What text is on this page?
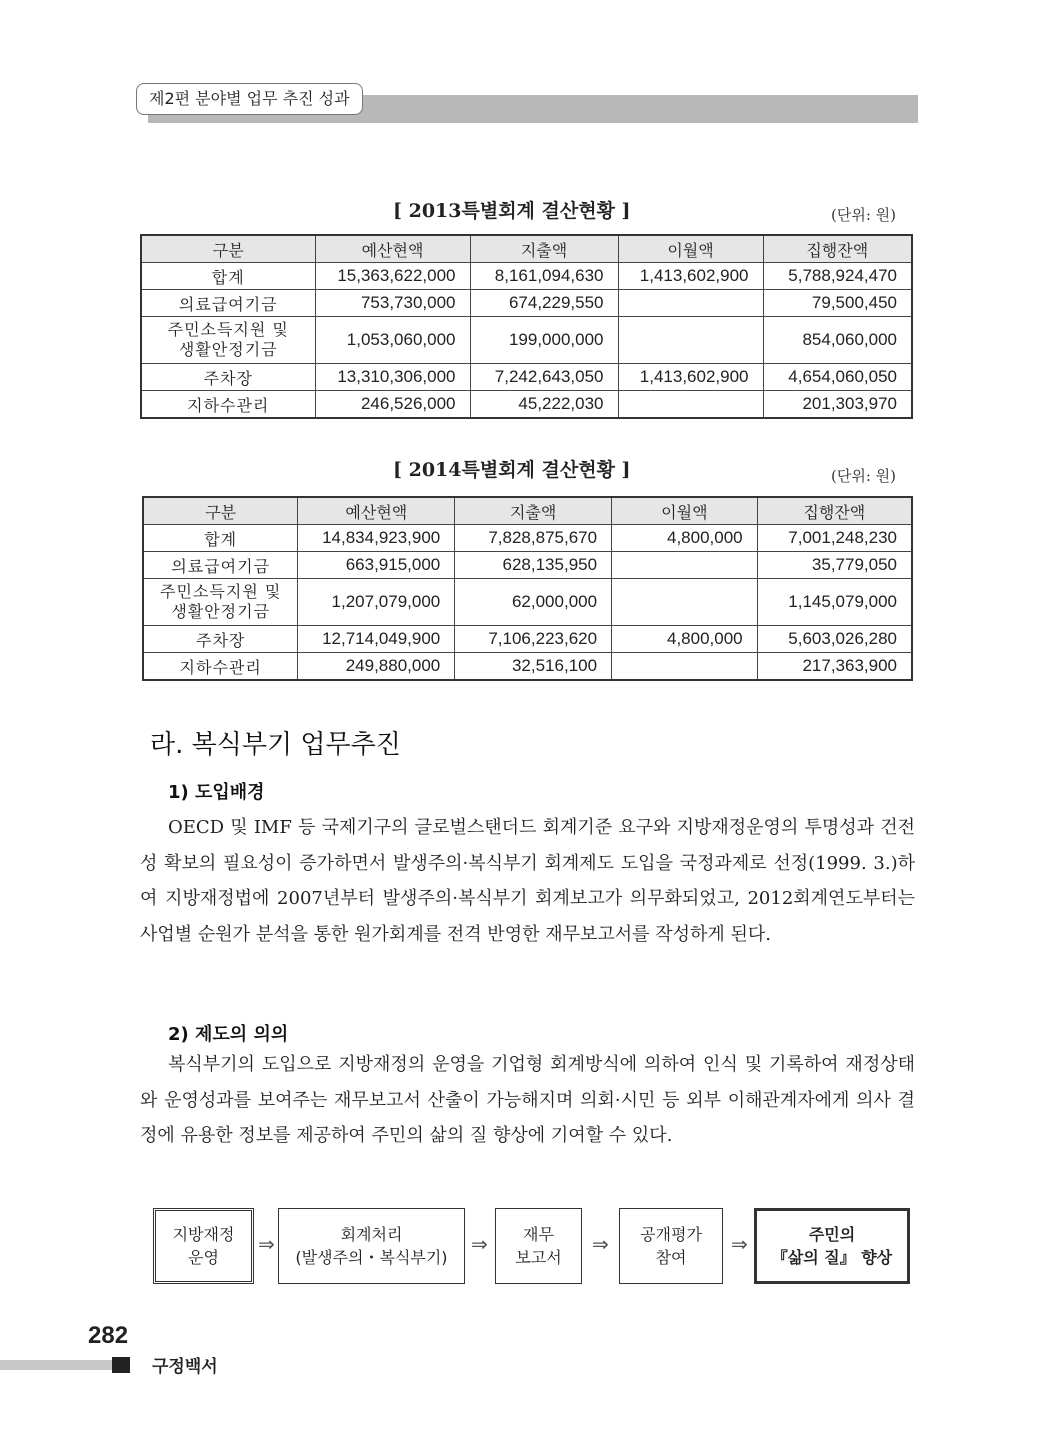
제2편 분야별 업무 추진 성과
[ 2013특별회계 결산현황 ]	(단위: 원)
구분	예산현액	지출액	이월액	집행잔액
합계	15,363,622,000	8,161,094,630	1,413,602,900	5,788,924,470
의료급여기금	753,730,000	674,229,550		79,500,450

주민소득지원 및
생활안정기금	1,053,060,000	199,000,000		854,060,000
주차장	13,310,306,000	7,242,643,050	1,413,602,900	4,654,060,050
지하수관리	246,526,000	45,222,030		201,303,970
[ 2014특별회계 결산현황 ]	(단위: 원)
구분	예산현액	지출액	이월액	집행잔액
합계	14,834,923,900	7,828,875,670	4,800,000	7,001,248,230
의료급여기금	663,915,000	628,135,950		35,779,050

주민소득지원 및
생활안정기금	1,207,079,000	62,000,000		1,145,079,000
주차장	12,714,049,900	7,106,223,620	4,800,000	5,603,026,280
지하수관리	249,880,000	32,516,100		217,363,900
라. 복식부기 업무추진
1) 도입배경
OECD 및 IMF 등 국제기구의 글로벌스탠더드 회계기준 요구와 지방재정운영의 투명성과 건전성 확보의 필요성이 증가하면서 발생주의·복식부기 회계제도 도입을 국정과제로 선정(1999. 3.)하여 지방재정법에 2007년부터 발생주의·복식부기 회계보고가 의무화되었고, 2012회계연도부터는 사업별 순원가 분석을 통한 원가회계를 전격 반영한 재무보고서를 작성하게 된다.
2) 제도의 의의
복식부기의 도입으로 지방재정의 운영을 기업형 회계방식에 의하여 인식 및 기록하여 재정상태와 운영성과를 보여주는 재무보고서 산출이 가능해지며 의회·시민 등 외부 이해관계자에게 의사 결정에 유용한 정보를 제공하여 주민의 삶의 질 향상에 기여할 수 있다.
지방재정
운영
⇒	회계처리
(발생주의・복식부기)
⇒ 재무
보고서
⇒ 공개평가
참여
⇒	주민의
『삶의 질』 향상
282
구정백서
